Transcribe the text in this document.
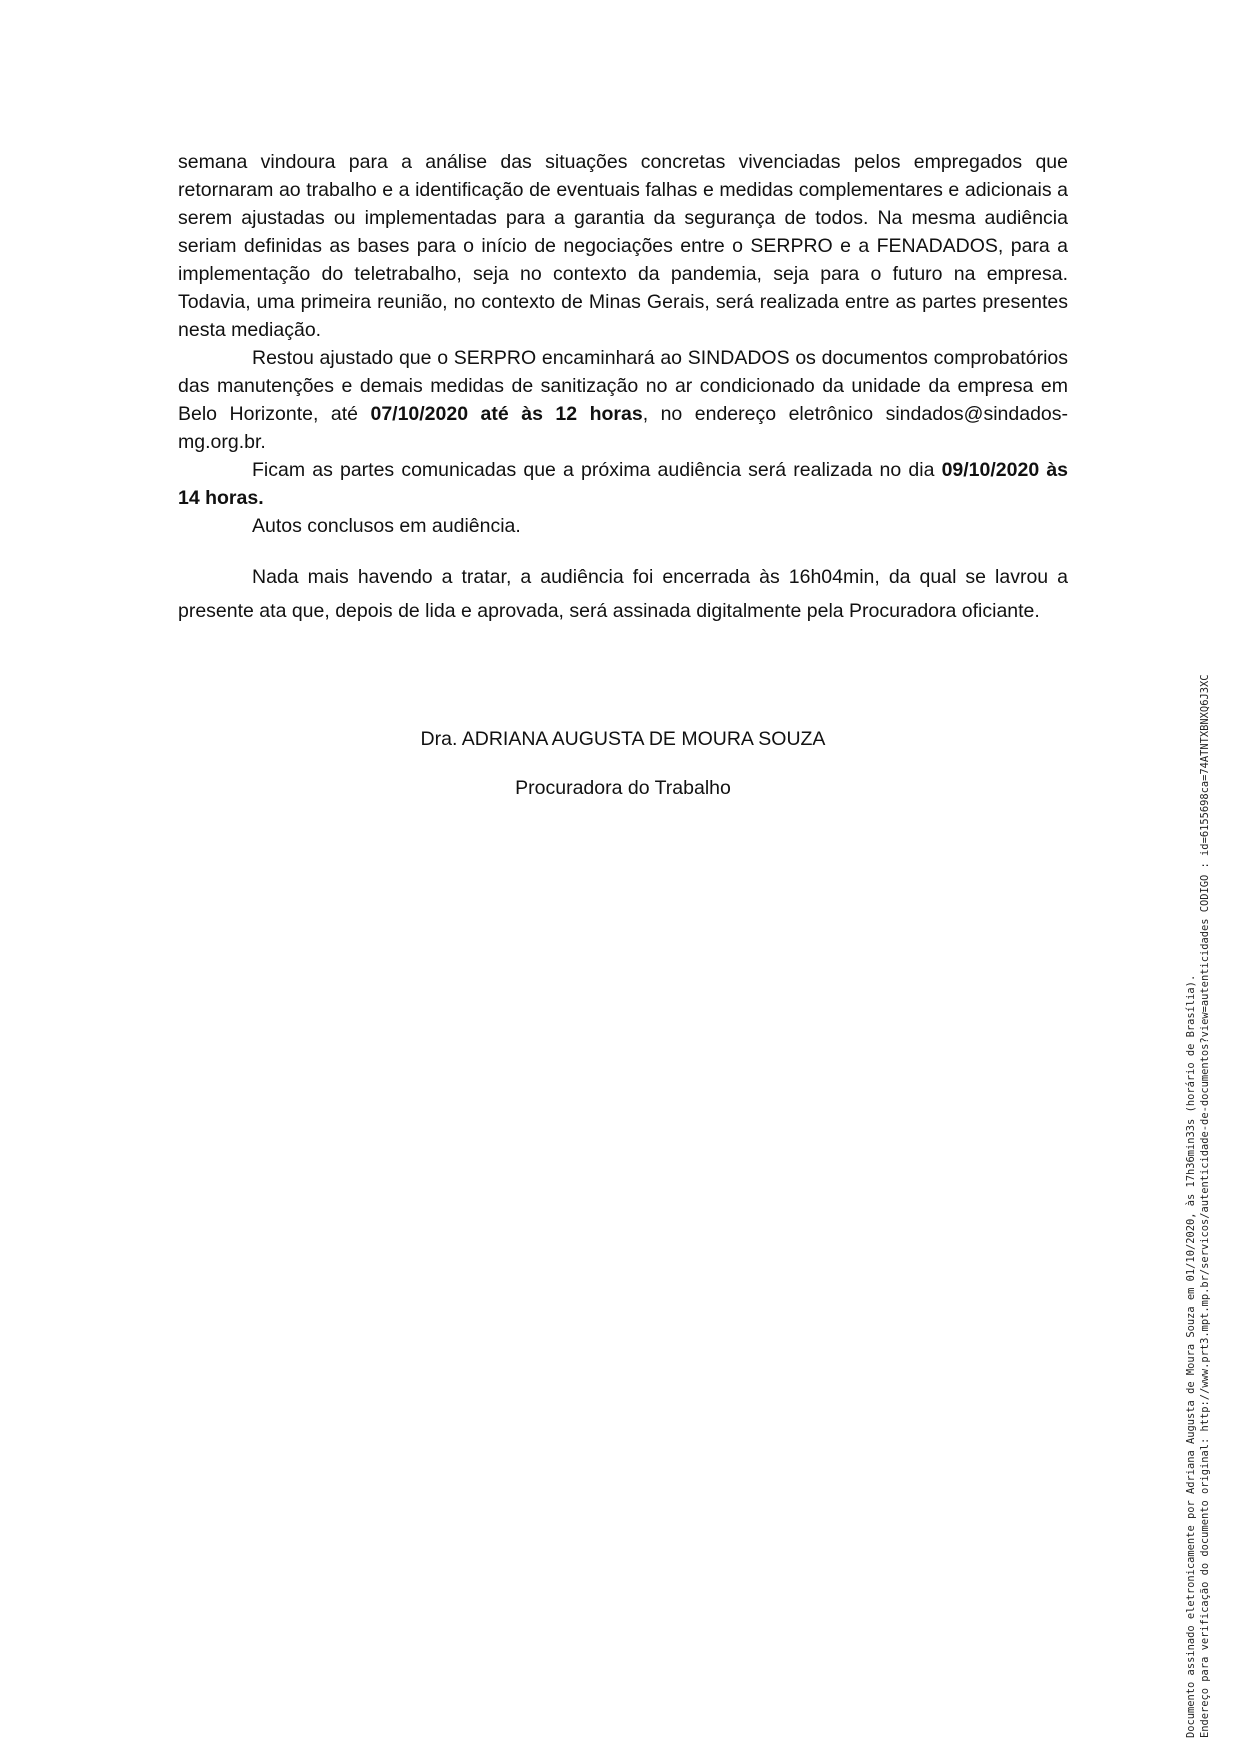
semana vindoura para a análise das situações concretas vivenciadas pelos empregados que retornaram ao trabalho e a identificação de eventuais falhas e medidas complementares e adicionais a serem ajustadas ou implementadas para a garantia da segurança de todos. Na mesma audiência seriam definidas as bases para o início de negociações entre o SERPRO e a FENADADOS, para a implementação do teletrabalho, seja no contexto da pandemia, seja para o futuro na empresa. Todavia, uma primeira reunião, no contexto de Minas Gerais, será realizada entre as partes presentes nesta mediação.

Restou ajustado que o SERPRO encaminhará ao SINDADOS os documentos comprobatórios das manutenções e demais medidas de sanitização no ar condicionado da unidade da empresa em Belo Horizonte, até 07/10/2020 até às 12 horas, no endereço eletrônico sindados@sindados-mg.org.br.

Ficam as partes comunicadas que a próxima audiência será realizada no dia 09/10/2020 às 14 horas.

Autos conclusos em audiência.

Nada mais havendo a tratar, a audiência foi encerrada às 16h04min, da qual se lavrou a presente ata que, depois de lida e aprovada, será assinada digitalmente pela Procuradora oficiante.

Dra. ADRIANA AUGUSTA DE MOURA SOUZA
Procuradora do Trabalho
Documento assinado eletronicamente por Adriana Augusta de Moura Souza em 01/10/2020, às 17h36min33s (horário de Brasília). Endereço para verificação do documento original: http://www.prt3.mpt.mp.br/servicos/autenticidade-de-documentos?view=autenticidades CODIGO : id=6155698ca=74ATNTXBNXQ6J3XC
